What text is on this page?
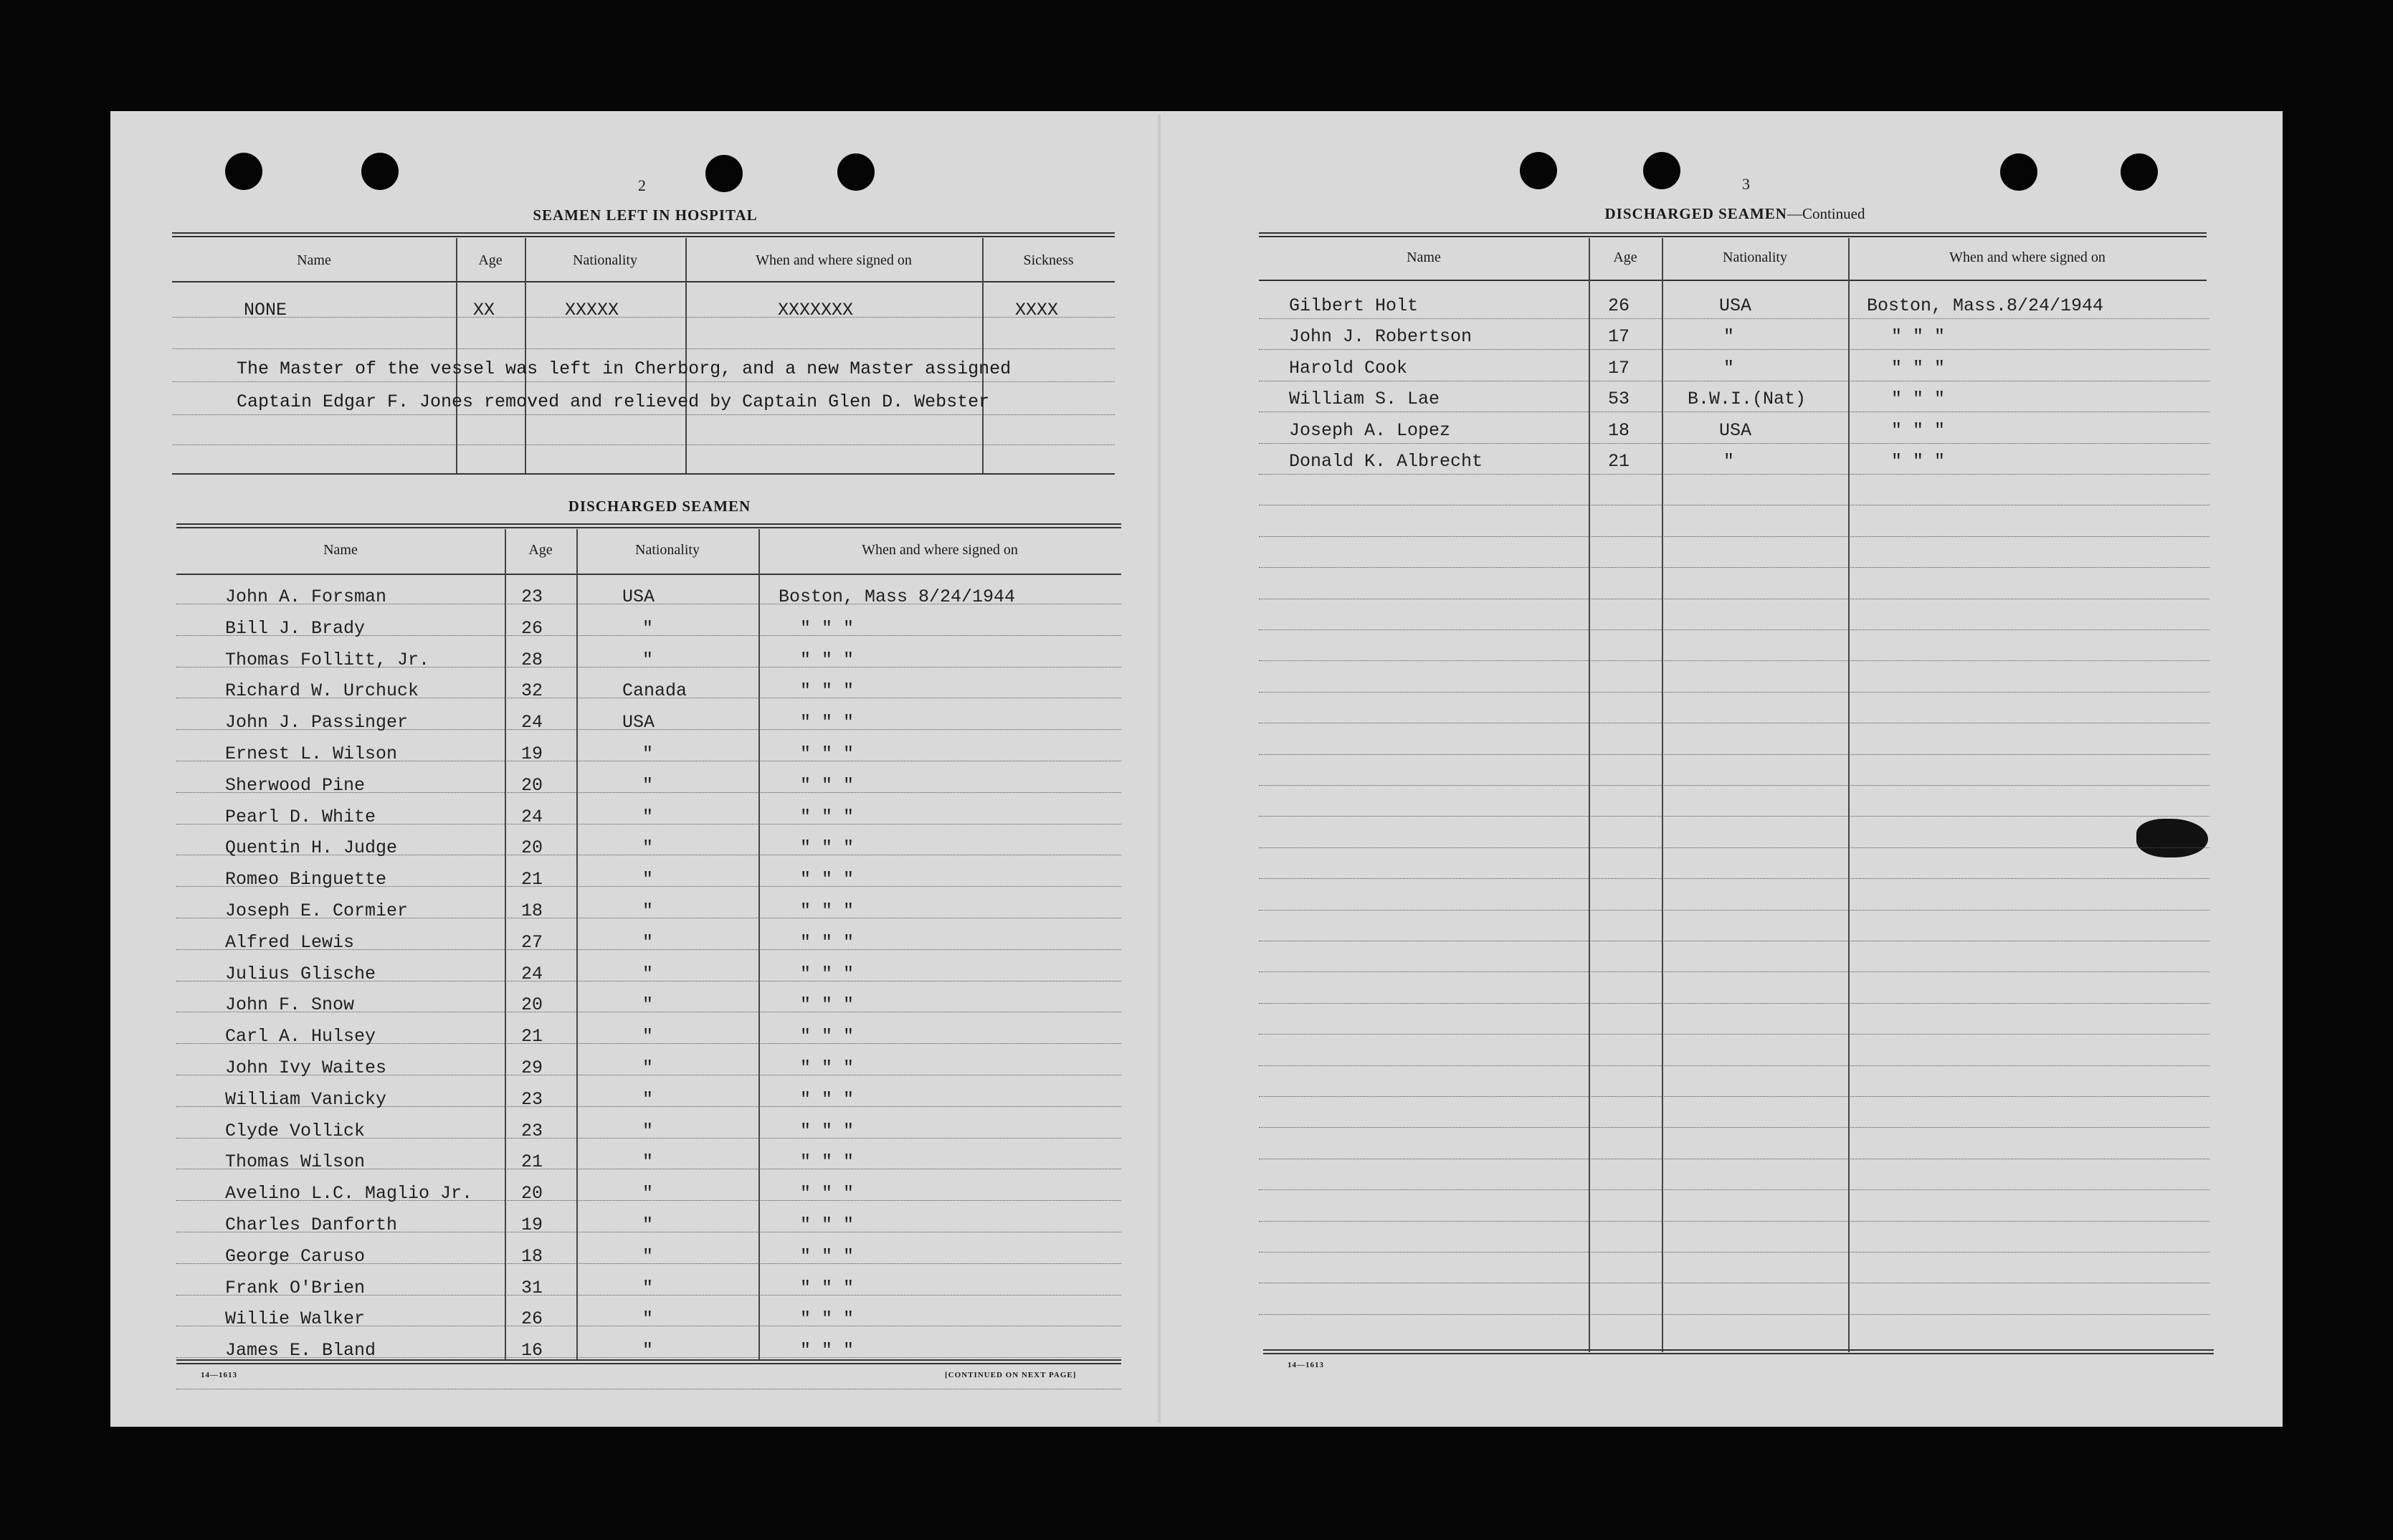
2
SEAMEN LEFT IN HOSPITAL
Name	Age	Nationality	When and where signed on	Sickness
NONE	XX	XXXXX	XXXXXXX	XXXX
The Master of the vessel was left in Cherborg, and a new Master assigned
Captain Edgar F. Jones removed and relieved by Captain Glen D. Webster
DISCHARGED SEAMEN
Name	Age	Nationality	When and where signed on
John A. Forsman	23	USA	Boston, Mass 8/24/1944
Bill J. Brady	26	"	" " "
Thomas Follitt, Jr.	28	"	" " "
Richard W. Urchuck	32	Canada	" " "
John J. Passinger	24	USA	" " "
Ernest L. Wilson	19	"	" " "
Sherwood Pine	20	"	" " "
Pearl D. White	24	"	" " "
Quentin H. Judge	20	"	" " "
Romeo Binguette	21	"	" " "
Joseph E. Cormier	18	"	" " "
Alfred Lewis	27	"	" " "
Julius Glische	24	"	" " "
John F. Snow	20	"	" " "
Carl A. Hulsey	21	"	" " "
John Ivy Waites	29	"	" " "
William Vanicky	23	"	" " "
Clyde Vollick	23	"	" " "
Thomas Wilson	21	"	" " "
Avelino L.C. Maglio Jr.	20	"	" " "
Charles Danforth	19	"	" " "
George Caruso	18	"	" " "
Frank O'Brien	31	"	" " "
Willie Walker	26	"	" " "
James E. Bland	16	"	" " "
14—1613	[CONTINUED ON NEXT PAGE]
3
DISCHARGED SEAMEN—Continued
Name	Age	Nationality	When and where signed on
Gilbert Holt	26	USA	Boston, Mass.8/24/1944
John J. Robertson	17	"	" " "
Harold Cook	17	"	" " "
William S. Lae	53	B.W.I.(Nat)	" " "
Joseph A. Lopez	18	USA	" " "
Donald K. Albrecht	21	"	" " "
14—1613
